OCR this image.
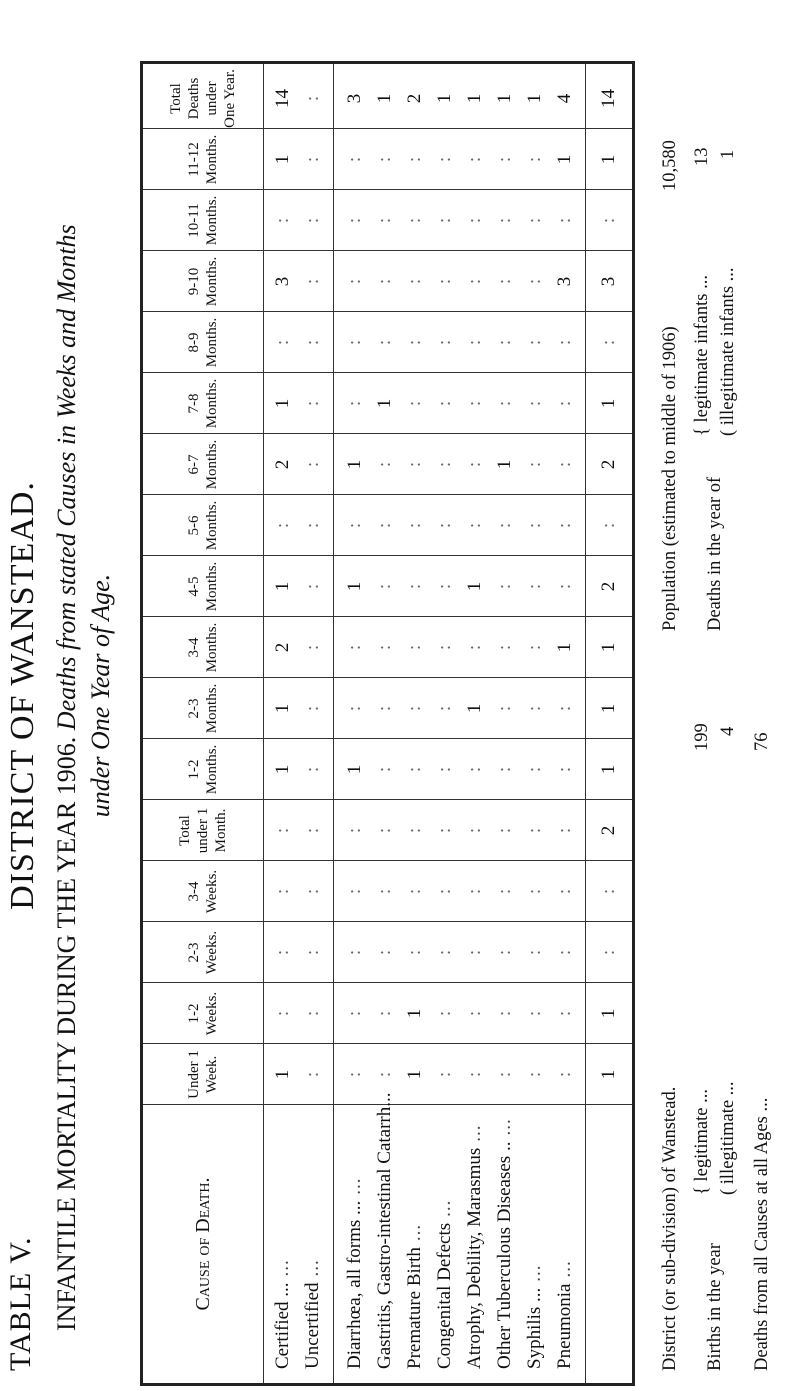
TABLE V.
DISTRICT OF WANSTEAD.
INFANTILE MORTALITY DURING THE YEAR 1906. Deaths from stated Causes in Weeks and Months under One Year of Age.
Cause of Death.
Under 1 Week.
1-2 Weeks.
2-3 Weeks.
3-4 Weeks.
Total under 1 Month.
1-2 Months.
2-3 Months.
3-4 Months.
4-5 Months.
5-6 Months.
6-7 Months.
7-8 Months.
8-9 Months.
9-10 Months.
10-11 Months.
11-12 Months.
Total Deaths under One Year.
Certified ......
1
:
:
:
:
1
1
2
1
:
2
1
:
3
:
1
14
Uncertified...
:
:
:
:
:
:
:
:
:
:
:
:
:
:
:
:
:
Diarrhœa, all forms ......
:
:
:
:
:
1
:
:
1
:
1
:
:
:
:
:
3
Gastritis, Gastro-intestinal Catarrh...
:
:
:
:
:
:
:
:
:
:
:
1
:
:
:
:
1
Premature Birth...
1
1
:
:
:
:
:
:
:
:
:
:
:
:
:
:
2
Congenital Defects...
:
:
:
:
:
:
:
:
:
:
:
:
:
:
:
:
1
Atrophy, Debility, Marasmus...
:
:
:
:
:
:
1
:
1
:
:
:
:
:
:
:
1
Other Tuberculous Diseases .....
:
:
:
:
:
:
:
:
:
:
1
:
:
:
:
:
1
Syphilis ......
:
:
:
:
:
:
:
:
:
:
:
:
:
:
:
:
1
Pneumonia...
:
:
:
:
:
:
:
1
:
:
:
:
:
3
:
1
4
1
1
:
:
2
1
1
1
2
:
2
1
:
3
:
1
14
District (or sub-division) of Wanstead.
Population (estimated to middle of 1906)
10,580
Births in the year
{ legitimate ...
( illegitimate ...
199 4
Deaths in the year of
{ legitimate infants ...
( illegitimate infants ...
13 1
Deaths from all Causes at all Ages ...
76
